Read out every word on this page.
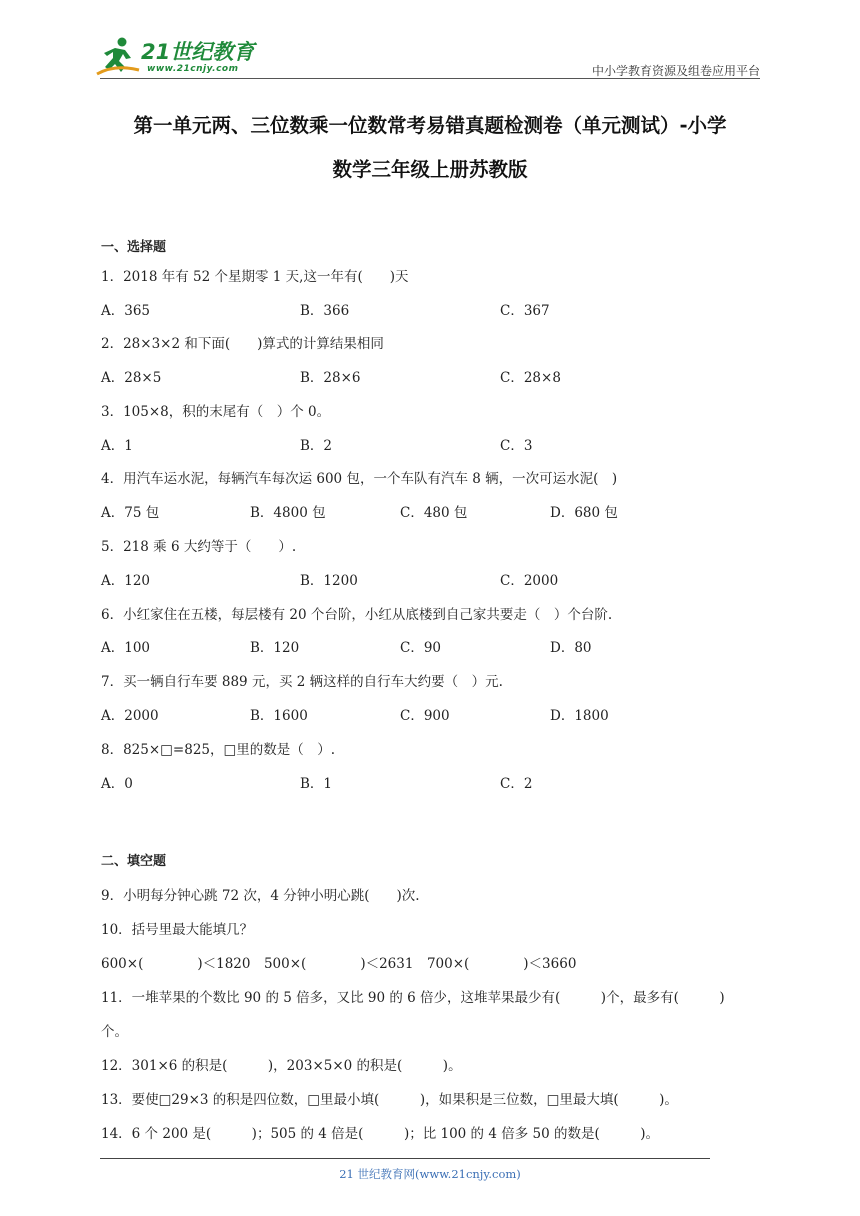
21世纪教育
www.21cnjy.com	中小学教育资源及组卷应用平台
第一单元两、三位数乘一位数常考易错真题检测卷（单元测试）-小学
数学三年级上册苏教版
一、选择题
1．2018 年有 52 个星期零 1 天,这一年有(　　)天
A．365	B．366	C．367
2．28×3×2 和下面(　　)算式的计算结果相同
A．28×5	B．28×6	C．28×8
3．105×8，积的末尾有（　）个 0。
A．1	B．2	C．3
4．用汽车运水泥，每辆汽车每次运 600 包，一个车队有汽车 8 辆，一次可运水泥(　)
A．75 包	B．4800 包	C．480 包	D．680 包
5．218 乘 6 大约等于（　　）.
A．120	B．1200	C．2000
6．小红家住在五楼，每层楼有 20 个台阶，小红从底楼到自己家共要走（　）个台阶.
A．100	B．120	C．90	D．80
7．买一辆自行车要 889 元，买 2 辆这样的自行车大约要（　）元.
A．2000	B．1600	C．900	D．1800
8．825×□=825，□里的数是（　）.
A．0	B．1	C．2
二、填空题
9．小明每分钟心跳 72 次，4 分钟小明心跳(　　)次.
10．括号里最大能填几？
600×(　　　　)＜1820　500×(　　　　)＜2631　700×(　　　　)＜3660
11．一堆苹果的个数比 90 的 5 倍多，又比 90 的 6 倍少，这堆苹果最少有(　　　)个，最多有(　　　)
个。
12．301×6 的积是(　　　)，203×5×0 的积是(　　　)。
13．要使□29×3 的积是四位数，□里最小填(　　　)，如果积是三位数，□里最大填(　　　)。
14．6 个 200 是(　　　)；505 的 4 倍是(　　　)；比 100 的 4 倍多 50 的数是(　　　)。
21 世纪教育网(www.21cnjy.com)
